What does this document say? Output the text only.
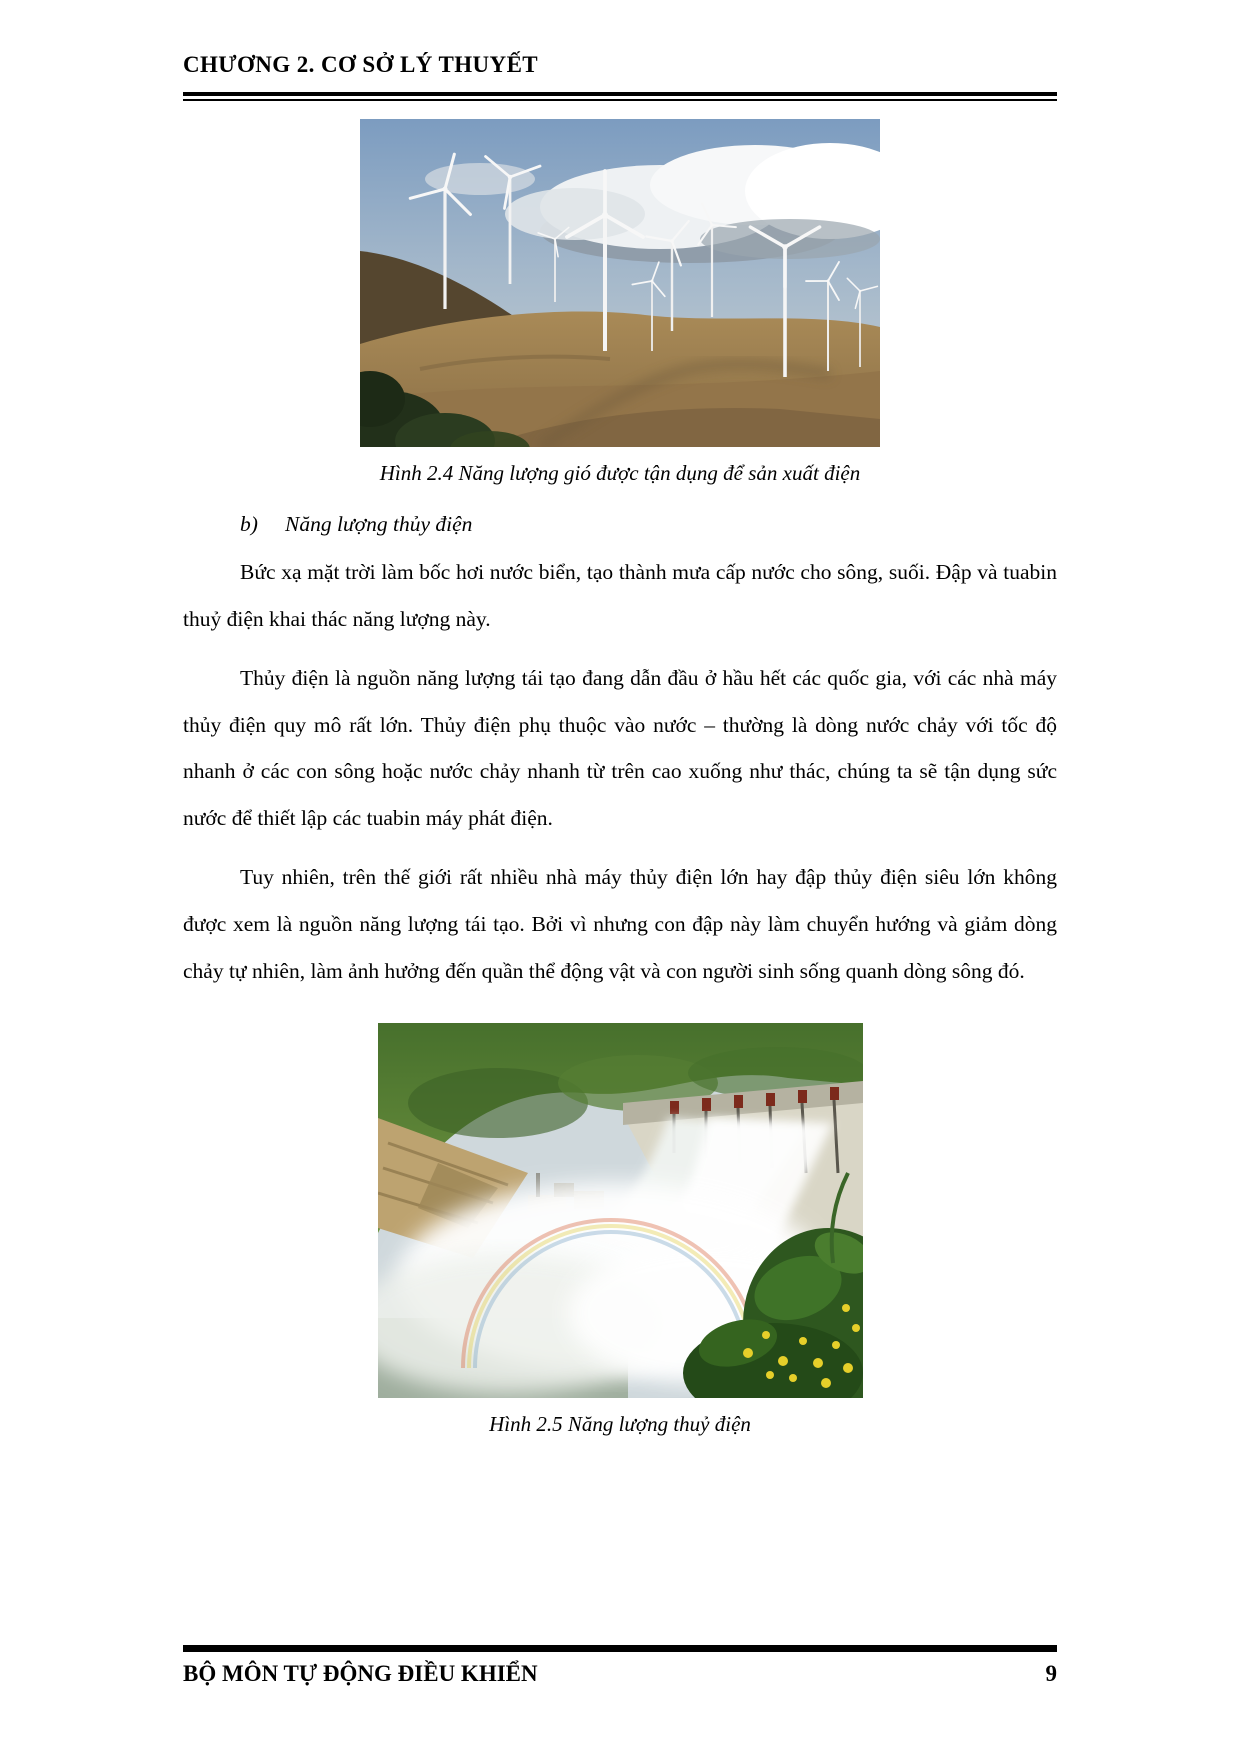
CHƯƠNG 2. CƠ SỞ LÝ THUYẾT
Hình 2.4 Năng lượng gió được tận dụng để sản xuất điện
b) Năng lượng thủy điện

Bức xạ mặt trời làm bốc hơi nước biển, tạo thành mưa cấp nước cho sông, suối. Đập và tuabin thuỷ điện khai thác năng lượng này.

Thủy điện là nguồn năng lượng tái tạo đang dẫn đầu ở hầu hết các quốc gia, với các nhà máy thủy điện quy mô rất lớn. Thủy điện phụ thuộc vào nước – thường là dòng nước chảy với tốc độ nhanh ở các con sông hoặc nước chảy nhanh từ trên cao xuống như thác, chúng ta sẽ tận dụng sức nước để thiết lập các tuabin máy phát điện.

Tuy nhiên, trên thế giới rất nhiều nhà máy thủy điện lớn hay đập thủy điện siêu lớn không được xem là nguồn năng lượng tái tạo. Bởi vì nhưng con đập này làm chuyển hướng và giảm dòng chảy tự nhiên, làm ảnh hưởng đến quần thể động vật và con người sinh sống quanh dòng sông đó.

Hình 2.5 Năng lượng thuỷ điện
BỘ MÔN TỰ ĐỘNG ĐIỀU KHIỂN	9
